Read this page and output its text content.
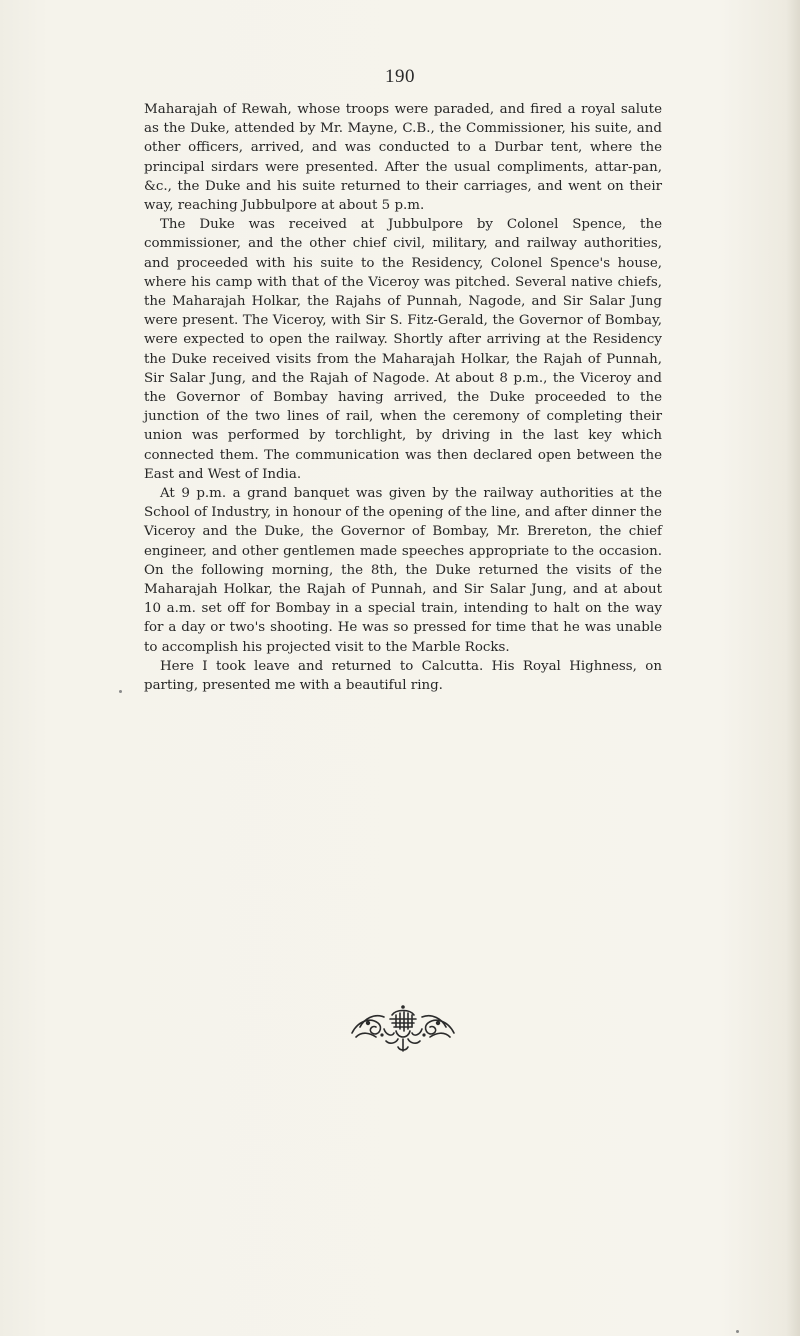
190

Maharajah of Rewah, whose troops were paraded, and fired a royal salute as the Duke, attended by Mr. Mayne, C.B., the Commissioner, his suite, and other officers, arrived, and was conducted to a Durbar tent, where the principal sirdars were presented. After the usual compliments, attar-pan, &c., the Duke and his suite returned to their carriages, and went on their way, reaching Jubbulpore at about 5 p.m.

The Duke was received at Jubbulpore by Colonel Spence, the commissioner, and the other chief civil, military, and railway authorities, and proceeded with his suite to the Residency, Colonel Spence's house, where his camp with that of the Viceroy was pitched. Several native chiefs, the Maharajah Holkar, the Rajahs of Punnah, Nagode, and Sir Salar Jung were present. The Viceroy, with Sir S. Fitz-Gerald, the Governor of Bombay, were expected to open the railway. Shortly after arriving at the Residency the Duke received visits from the Maharajah Holkar, the Rajah of Punnah, Sir Salar Jung, and the Rajah of Nagode. At about 8 p.m., the Viceroy and the Governor of Bombay having arrived, the Duke proceeded to the junction of the two lines of rail, when the ceremony of completing their union was performed by torchlight, by driving in the last key which connected them. The communication was then declared open between the East and West of India.

At 9 p.m. a grand banquet was given by the railway authorities at the School of Industry, in honour of the opening of the line, and after dinner the Viceroy and the Duke, the Governor of Bombay, Mr. Brereton, the chief engineer, and other gentlemen made speeches appropriate to the occasion. On the following morning, the 8th, the Duke returned the visits of the Maharajah Holkar, the Rajah of Punnah, and Sir Salar Jung, and at about 10 a.m. set off for Bombay in a special train, intending to halt on the way for a day or two's shooting. He was so pressed for time that he was unable to accomplish his projected visit to the Marble Rocks.

Here I took leave and returned to Calcutta. His Royal Highness, on parting, presented me with a beautiful ring.
